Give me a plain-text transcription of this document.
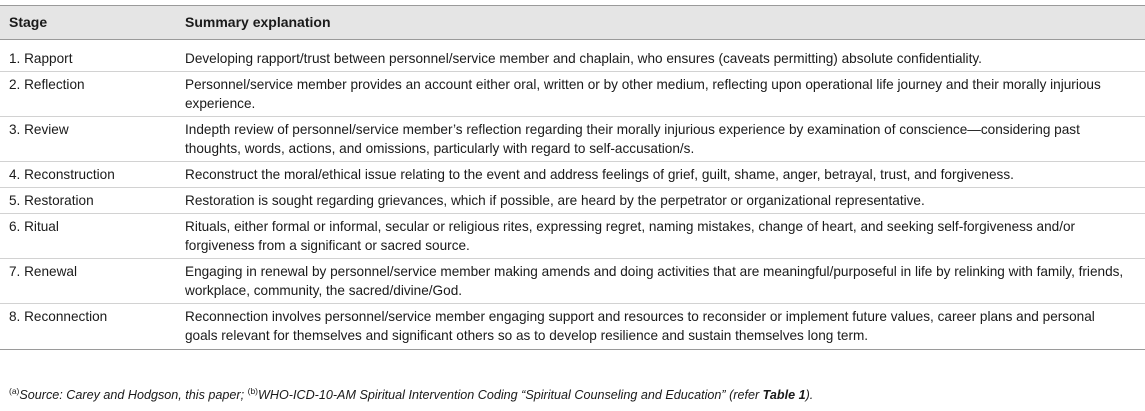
Stage	Summary explanation
1. Rapport	Developing rapport/trust between personnel/service member and chaplain, who ensures (caveats permitting) absolute confidentiality.
2. Reflection	Personnel/service member provides an account either oral, written or by other medium, reflecting upon operational life journey and their morally injurious experience.
3. Review	Indepth review of personnel/service member’s reflection regarding their morally injurious experience by examination of conscience—considering past thoughts, words, actions, and omissions, particularly with regard to self-accusation/s.
4. Reconstruction	Reconstruct the moral/ethical issue relating to the event and address feelings of grief, guilt, shame, anger, betrayal, trust, and forgiveness.
5. Restoration	Restoration is sought regarding grievances, which if possible, are heard by the perpetrator or organizational representative.
6. Ritual	Rituals, either formal or informal, secular or religious rites, expressing regret, naming mistakes, change of heart, and seeking self-forgiveness and/or forgiveness from a significant or sacred source.
7. Renewal	Engaging in renewal by personnel/service member making amends and doing activities that are meaningful/purposeful in life by relinking with family, friends, workplace, community, the sacred/divine/God.
8. Reconnection	Reconnection involves personnel/service member engaging support and resources to reconsider or implement future values, career plans and personal goals relevant for themselves and significant others so as to develop resilience and sustain themselves long term.
$^{(a)}$Source: Carey and Hodgson, this paper; $^{(b)}$WHO-ICD-10-AM Spiritual Intervention Coding “Spiritual Counseling and Education” (refer Table 1).
